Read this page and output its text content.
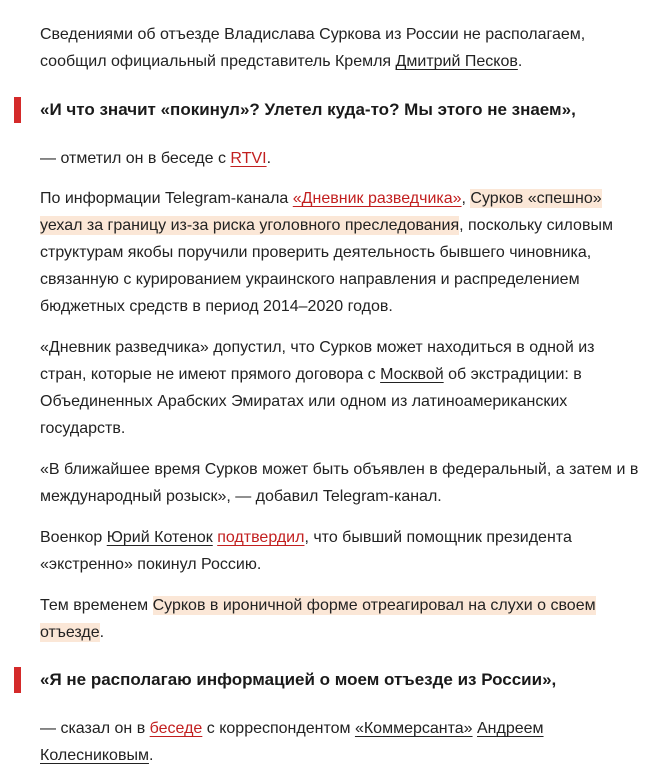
Сведениями об отъезде Владислава Суркова из России не располагаем, сообщил официальный представитель Кремля Дмитрий Песков.

«И что значит «покинул»? Улетел куда-то? Мы этого не знаем»,

— отметил он в беседе с RTVI.

По информации Telegram-канала «Дневник разведчика», Сурков «спешно» уехал за границу из-за риска уголовного преследования, поскольку силовым структурам якобы поручили проверить деятельность бывшего чиновника, связанную с курированием украинского направления и распределением бюджетных средств в период 2014–2020 годов.

«Дневник разведчика» допустил, что Сурков может находиться в одной из стран, которые не имеют прямого договора с Москвой об экстрадиции: в Объединенных Арабских Эмиратах или одном из латиноамериканских государств.

«В ближайшее время Сурков может быть объявлен в федеральный, а затем и в международный розыск», — добавил Telegram-канал.

Военкор Юрий Котенок подтвердил, что бывший помощник президента «экстренно» покинул Россию.

Тем временем Сурков в ироничной форме отреагировал на слухи о своем отъезде.

«Я не располагаю информацией о моем отъезде из России»,

— сказал он в беседе с корреспондентом «Коммерсанта» Андреем Колесниковым.
